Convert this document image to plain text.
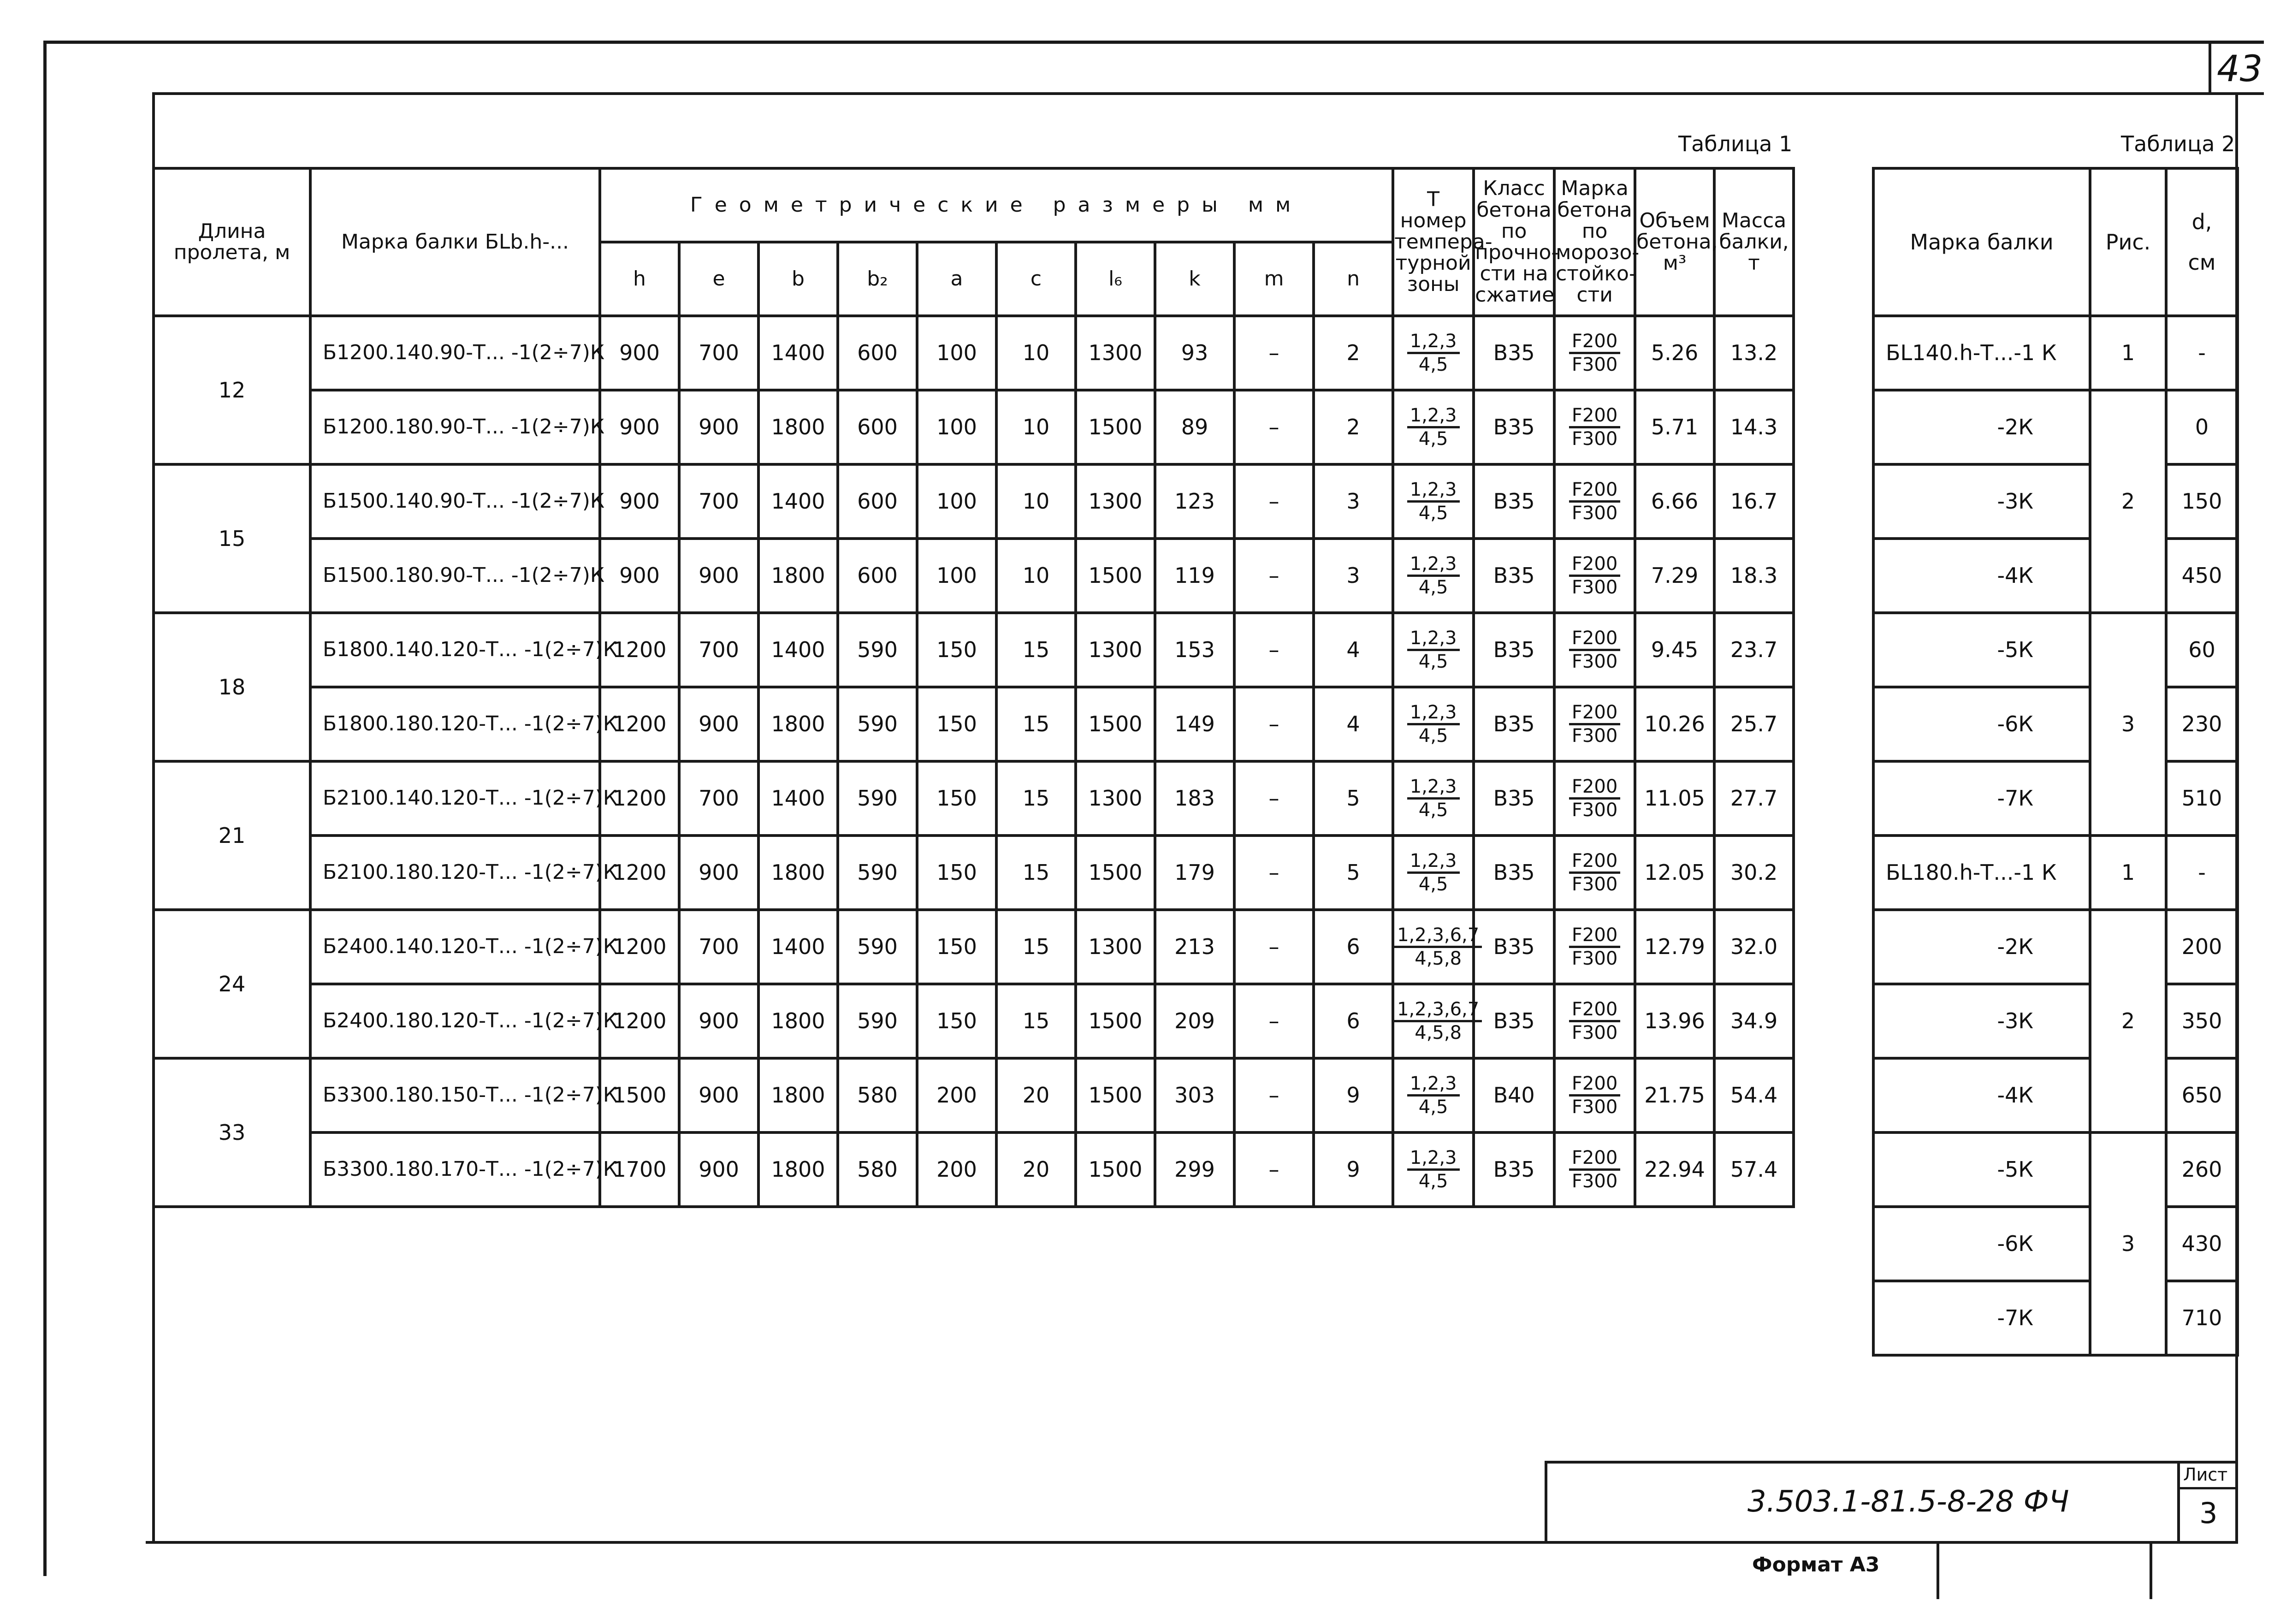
43
Таблица 1	Таблица 2
Длина пролета, м	Марка балки БLb.h-...	Геометрические размеры мм										Т номер темпера-турной зоны	Класс бетона по прочно-сти на сжатие	Марка бетона по морозо-стойко-сти	Объем бетона, м³	Масса балки, т
		h	e	b	b₂	a	c	l₆	k	m	n					
12	Б1200.140.90-Т... -1(2÷7)К	900	700	1400	600	100	10	1300	93	–	2	$\frac{1,2,3}{4,5}$	В35	$\frac{F200}{F300}$	5.26	13.2
	Б1200.180.90-Т... -1(2÷7)К	900	900	1800	600	100	10	1500	89	–	2	$\frac{1,2,3}{4,5}$	В35	$\frac{F200}{F300}$	5.71	14.3
15	Б1500.140.90-Т... -1(2÷7)К	900	700	1400	600	100	10	1300	123	–	3	$\frac{1,2,3}{4,5}$	В35	$\frac{F200}{F300}$	6.66	16.7
	Б1500.180.90-Т... -1(2÷7)К	900	900	1800	600	100	10	1500	119	–	3	$\frac{1,2,3}{4,5}$	В35	$\frac{F200}{F300}$	7.29	18.3
18	Б1800.140.120-Т... -1(2÷7)К	1200	700	1400	590	150	15	1300	153	–	4	$\frac{1,2,3}{4,5}$	В35	$\frac{F200}{F300}$	9.45	23.7
	Б1800.180.120-Т... -1(2÷7)К	1200	900	1800	590	150	15	1500	149	–	4	$\frac{1,2,3}{4,5}$	В35	$\frac{F200}{F300}$	10.26	25.7
21	Б2100.140.120-Т... -1(2÷7)К	1200	700	1400	590	150	15	1300	183	–	5	$\frac{1,2,3}{4,5}$	В35	$\frac{F200}{F300}$	11.05	27.7
	Б2100.180.120-Т... -1(2÷7)К	1200	900	1800	590	150	15	1500	179	–	5	$\frac{1,2,3}{4,5}$	В35	$\frac{F200}{F300}$	12.05	30.2
24	Б2400.140.120-Т... -1(2÷7)К	1200	700	1400	590	150	15	1300	213	–	6	$\frac{1,2,3,6,7}{4,5,8}$	В35	$\frac{F200}{F300}$	12.79	32.0
	Б2400.180.120-Т... -1(2÷7)К	1200	900	1800	590	150	15	1500	209	–	6	$\frac{1,2,3,6,7}{4,5,8}$	В35	$\frac{F200}{F300}$	13.96	34.9
33	Б3300.180.150-Т... -1(2÷7)К	1500	900	1800	580	200	20	1500	303	–	9	$\frac{1,2,3}{4,5}$	В40	$\frac{F200}{F300}$	21.75	54.4
	Б3300.180.170-Т... -1(2÷7)К	1700	900	1800	580	200	20	1500	299	–	9	$\frac{1,2,3}{4,5}$	В35	$\frac{F200}{F300}$	22.94	57.4
Марка балки	Рис.	d,
см

БL140.h-Т...-1 К	1	-
-2К	2	0
-3К		150
-4К		450
-5К	3	60
-6К		230
-7К		510
БL180.h-Т...-1 К	1	-
-2К	2	200
-3К		350
-4К		650
-5К	3	260
-6К		430
-7К		710
3.503.1-81.5-8-28 ФЧ
Лист
3
Формат А3
